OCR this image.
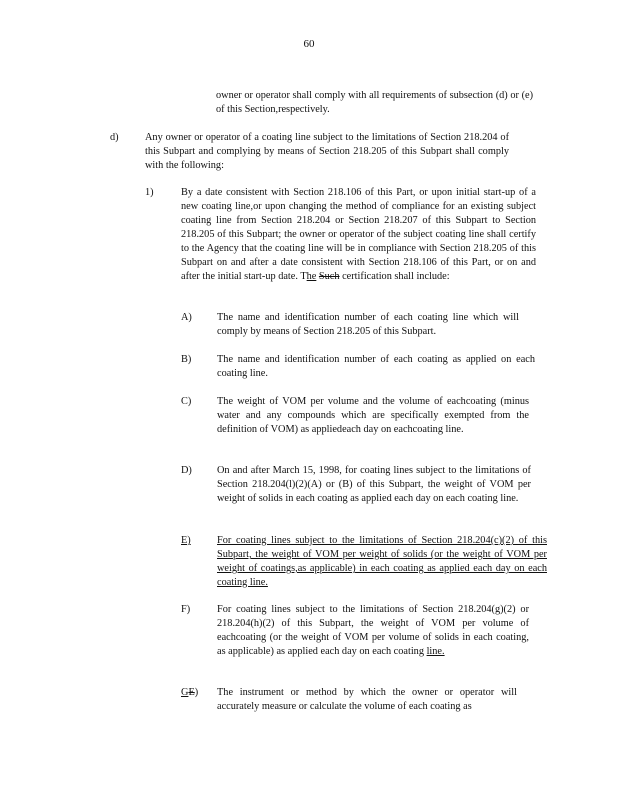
60
owner or operator shall comply with all requirements of subsection (d) or (e) of this Section,respectively.
d)	Any owner or operator of a coating line subject to the limitations of Section 218.204 of this Subpart and complying by means of Section 218.205 of this Subpart shall comply with the following:
1)	By a date consistent with Section 218.106 of this Part, or upon initial start-up of a new coating line,or upon changing the method of compliance for an existing subject coating line from Section 218.204 or Section 218.207 of this Subpart to Section 218.205 of this Subpart; the owner or operator of the subject coating line shall certify to the Agency that the coating line will be in compliance with Section 218.205 of this Subpart on and after a date consistent with Section 218.106 of this Part, or on and after the initial start-up date. The Such certification shall include:
A) The name and identification number of each coating line which will comply by means of Section 218.205 of this Subpart.
B) The name and identification number of each coating as applied on each coating line.
C) The weight of VOM per volume and the volume of eachcoating (minus water and any compounds which are specifically exempted from the definition of VOM) as appliedeach day on eachcoating line.
D) On and after March 15, 1998, for coating lines subject to the limitations of Section 218.204(l)(2)(A) or (B) of this Subpart, the weight of VOM per weight of solids in each coating as applied each day on each coating line.
E)	For coating lines subject to the limitations of Section 218.204(c)(2) of this Subpart, the weight of VOM per weight of solids (or the weight of VOM per weight of coatings,as applicable) in each coating as applied each day on each coating line.
F)	For coating lines subject to the limitations of Section 218.204(g)(2) or 218.204(h)(2) of this Subpart, the weight of VOM per volume of eachcoating (or the weight of VOM per volume of solids in each coating, as applicable) as applied each day on each coating line.
GE) The instrument or method by which the owner or operator will accurately measure or calculate the volume of each coating as
